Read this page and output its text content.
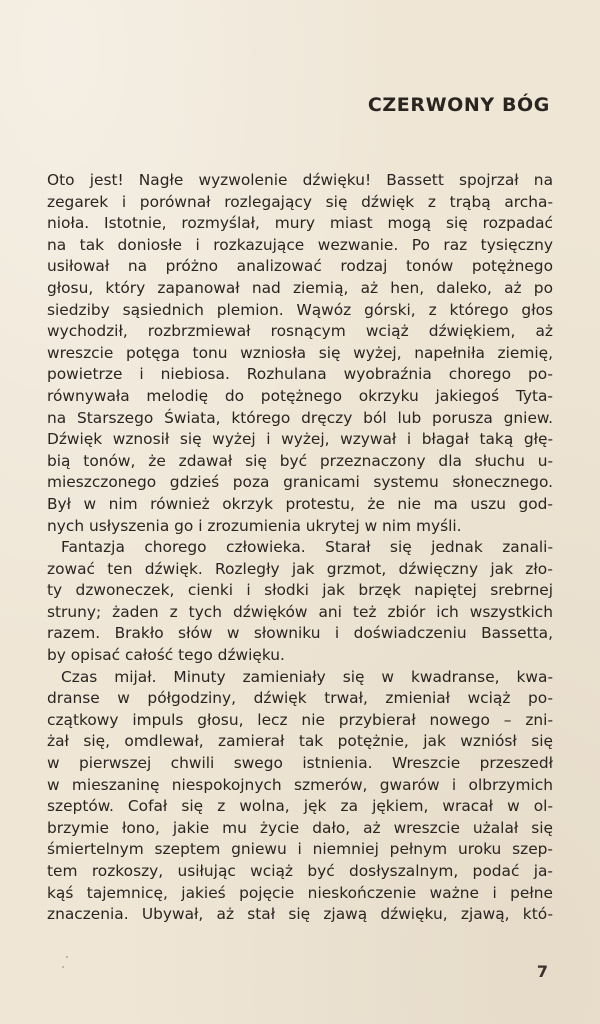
CZERWONY BÓG
Oto jest! Nagłe wyzwolenie dźwięku! Bassett spojrzał na
zegarek i porównał rozlegający się dźwięk z trąbą archa-
nioła. Istotnie, rozmyślał, mury miast mogą się rozpadać
na tak doniosłe i rozkazujące wezwanie. Po raz tysięczny
usiłował na próżno analizować rodzaj tonów potężnego
głosu, który zapanował nad ziemią, aż hen, daleko, aż po
siedziby sąsiednich plemion. Wąwóz górski, z którego głos
wychodził, rozbrzmiewał rosnącym wciąż dźwiękiem, aż
wreszcie potęga tonu wzniosła się wyżej, napełniła ziemię,
powietrze i niebiosa. Rozhulana wyobraźnia chorego po-
równywała melodię do potężnego okrzyku jakiegoś Tyta-
na Starszego Świata, którego dręczy ból lub porusza gniew.
Dźwięk wznosił się wyżej i wyżej, wzywał i błagał taką głę-
bią tonów, że zdawał się być przeznaczony dla słuchu u-
mieszczonego gdzieś poza granicami systemu słonecznego.
Był w nim również okrzyk protestu, że nie ma uszu god-
nych usłyszenia go i zrozumienia ukrytej w nim myśli.
Fantazja chorego człowieka. Starał się jednak zanali-
zować ten dźwięk. Rozległy jak grzmot, dźwięczny jak zło-
ty dzwoneczek, cienki i słodki jak brzęk napiętej srebrnej
struny; żaden z tych dźwięków ani też zbiór ich wszystkich
razem. Brakło słów w słowniku i doświadczeniu Bassetta,
by opisać całość tego dźwięku.
Czas mijał. Minuty zamieniały się w kwadranse, kwa-
dranse w półgodziny, dźwięk trwał, zmieniał wciąż po-
czątkowy impuls głosu, lecz nie przybierał nowego – zni-
żał się, omdlewał, zamierał tak potężnie, jak wzniósł się
w pierwszej chwili swego istnienia. Wreszcie przeszedł
w mieszaninę niespokojnych szmerów, gwarów i olbrzymich
szeptów. Cofał się z wolna, jęk za jękiem, wracał w ol-
brzymie łono, jakie mu życie dało, aż wreszcie użalał się
śmiertelnym szeptem gniewu i niemniej pełnym uroku szep-
tem rozkoszy, usiłując wciąż być dosłyszalnym, podać ja-
kąś tajemnicę, jakieś pojęcie nieskończenie ważne i pełne
znaczenia. Ubywał, aż stał się zjawą dźwięku, zjawą, któ-
7
